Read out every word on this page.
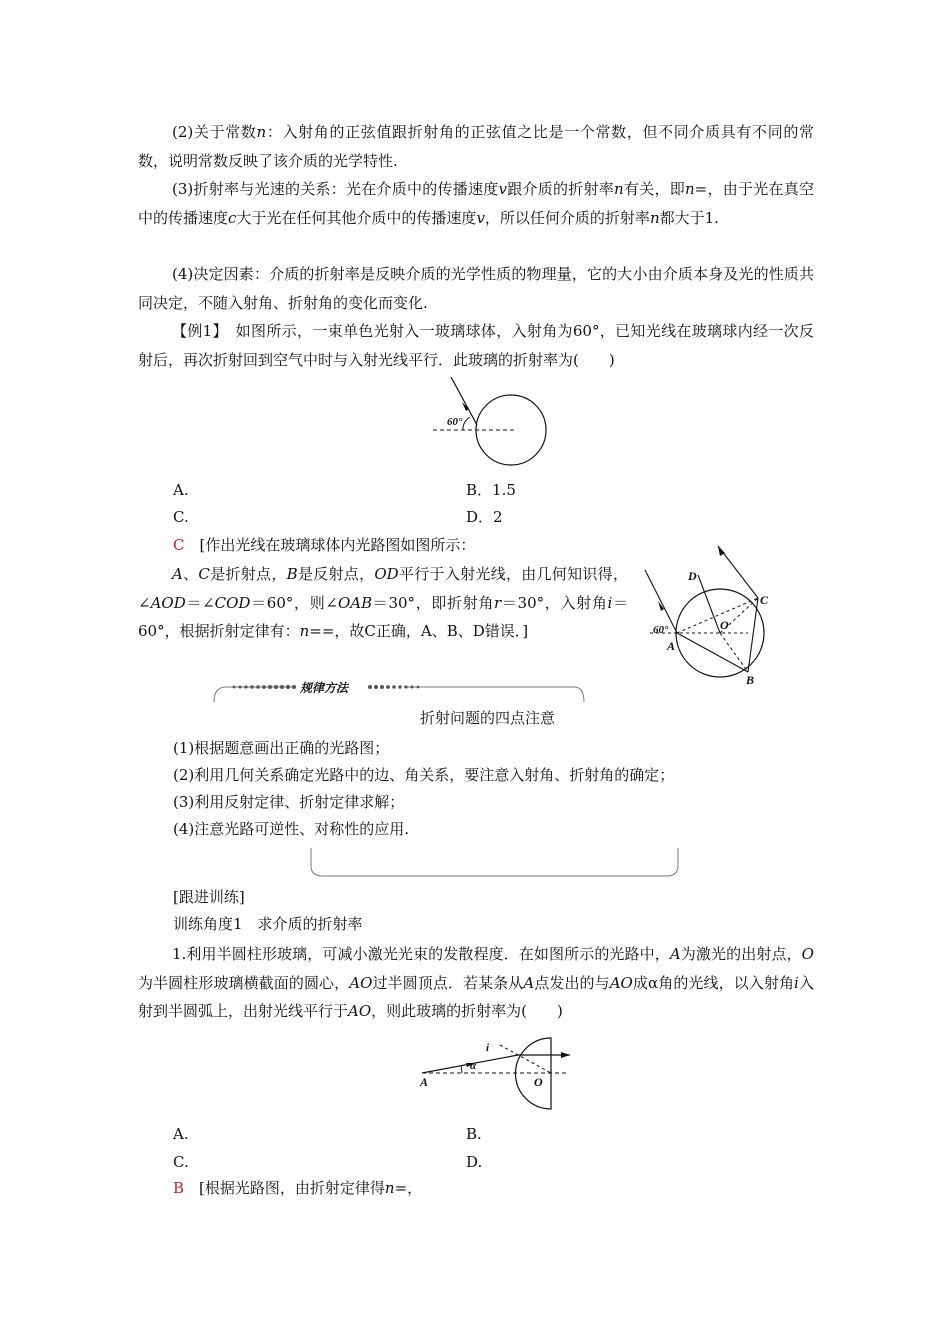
(2)关于常数n：入射角的正弦值跟折射角的正弦值之比是一个常数，但不同介质具有不同的常数，说明常数反映了该介质的光学特性.

(3)折射率与光速的关系：光在介质中的传播速度v跟介质的折射率n有关，即n=，由于光在真空中的传播速度c大于光在任何其他介质中的传播速度v，所以任何介质的折射率n都大于1.

(4)决定因素：介质的折射率是反映介质的光学性质的物理量，它的大小由介质本身及光的性质共同决定，不随入射角、折射角的变化而变化.

【例1】　如图所示，一束单色光射入一玻璃球体，入射角为60°，已知光线在玻璃球内经一次反射后，再次折射回到空气中时与入射光线平行．此玻璃的折射率为(　　)

60°
A.	B．1.5
C.	D．2

C　 [作出光线在玻璃球体内光路图如图所示：

A、C是折射点，B是反射点，OD平行于入射光线，由几何知识得，∠AOD＝∠COD＝60°，则∠OAB＝30°，即折射角r＝30°，入射角i＝60°，根据折射定律有：n==，故C正确，A、B、D错误．]

D
C
O
A
B
60°
规律方法
折射问题的四点注意
(1)根据题意画出正确的光路图；
(2)利用几何关系确定光路中的边、角关系，要注意入射角、折射角的确定；
(3)利用反射定律、折射定律求解；
(4)注意光路可逆性、对称性的应用.
[跟进训练]
训练角度1　求介质的折射率

1.利用半圆柱形玻璃，可减小激光光束的发散程度．在如图所示的光路中，A为激光的出射点，O为半圆柱形玻璃横截面的圆心，AO过半圆顶点．若某条从A点发出的与AO成α角的光线，以入射角i入射到半圆弧上，出射光线平行于AO，则此玻璃的折射率为(　　)

A	O
i
α
A.	B.
C.	D.
B　 [根据光路图，由折射定律得n=，
